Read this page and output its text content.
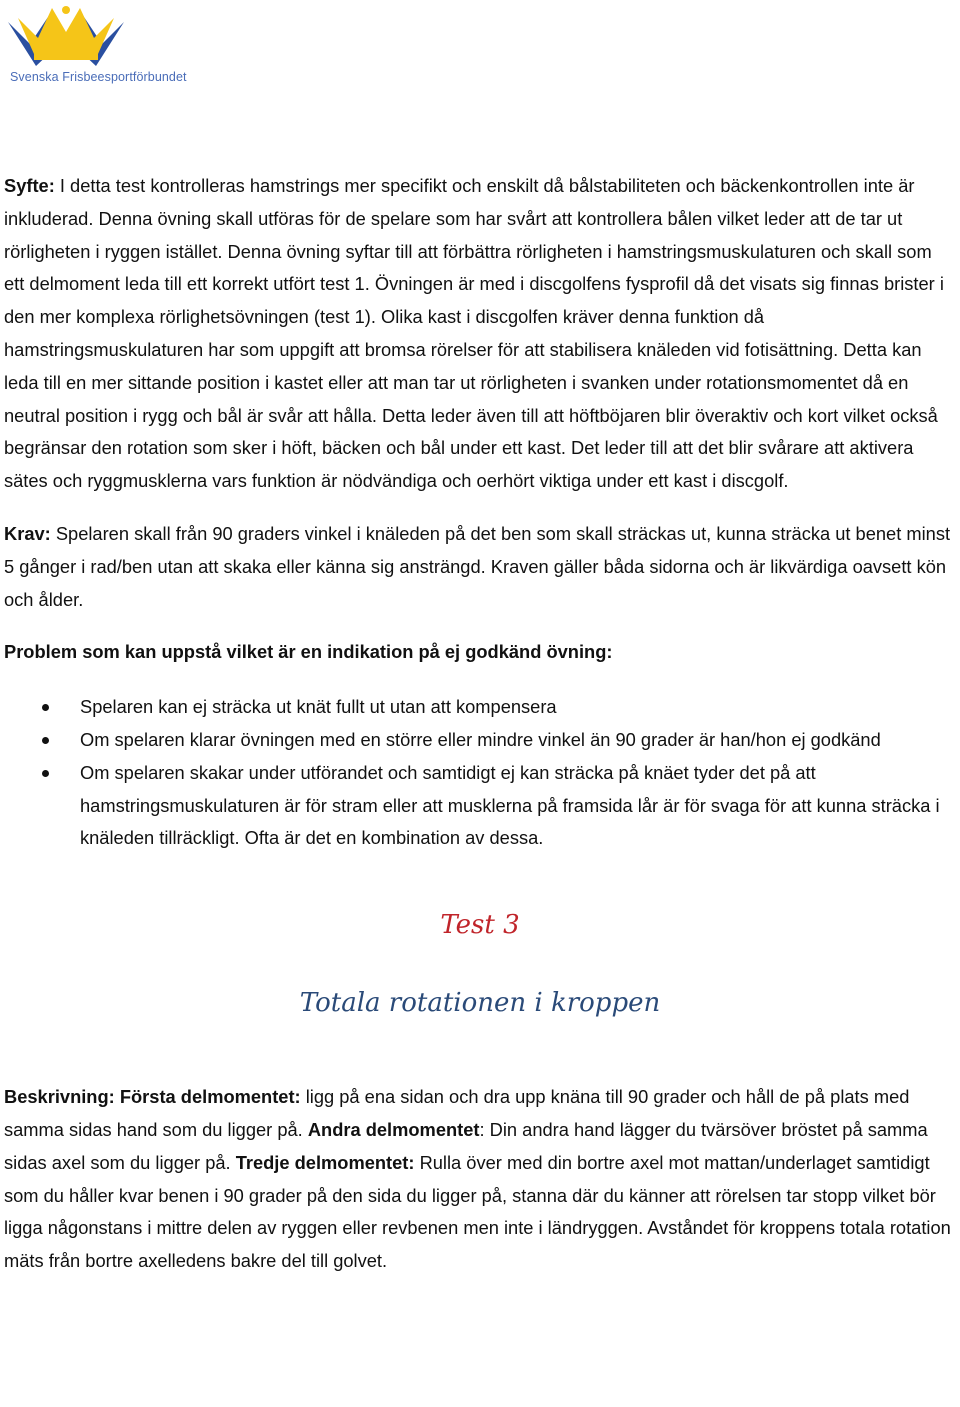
Svenska Frisbeesportförbundet

Syfte: I detta test kontrolleras hamstrings mer specifikt och enskilt då bålstabiliteten och bäckenkontrollen inte är inkluderad. Denna övning skall utföras för de spelare som har svårt att kontrollera bålen vilket leder att de tar ut rörligheten i ryggen istället. Denna övning syftar till att förbättra rörligheten i hamstringsmuskulaturen och skall som ett delmoment leda till ett korrekt utfört test 1. Övningen är med i discgolfens fysprofil då det visats sig finnas brister i den mer komplexa rörlighetsövningen (test 1). Olika kast i discgolfen kräver denna funktion då hamstringsmuskulaturen har som uppgift att bromsa rörelser för att stabilisera knäleden vid fotisättning. Detta kan leda till en mer sittande position i kastet eller att man tar ut rörligheten i svanken under rotationsmomentet då en neutral position i rygg och bål är svår att hålla. Detta leder även till att höftböjaren blir överaktiv och kort vilket också begränsar den rotation som sker i höft, bäcken och bål under ett kast. Det leder till att det blir svårare att aktivera sätes och ryggmusklerna vars funktion är nödvändiga och oerhört viktiga under ett kast i discgolf.

Krav: Spelaren skall från 90 graders vinkel i knäleden på det ben som skall sträckas ut, kunna sträcka ut benet minst 5 gånger i rad/ben utan att skaka eller känna sig ansträngd. Kraven gäller båda sidorna och är likvärdiga oavsett kön och ålder.

Problem som kan uppstå vilket är en indikation på ej godkänd övning:

Spelaren kan ej sträcka ut knät fullt ut utan att kompensera
Om spelaren klarar övningen med en större eller mindre vinkel än 90 grader är han/hon ej godkänd
Om spelaren skakar under utförandet och samtidigt ej kan sträcka på knäet tyder det på att hamstringsmuskulaturen är för stram eller att musklerna på framsida lår är för svaga för att kunna sträcka i knäleden tillräckligt. Ofta är det en kombination av dessa.
Test 3
Totala rotationen i kroppen

Beskrivning: Första delmomentet: ligg på ena sidan och dra upp knäna till 90 grader och håll de på plats med samma sidas hand som du ligger på. Andra delmomentet: Din andra hand lägger du tvärsöver bröstet på samma sidas axel som du ligger på. Tredje delmomentet: Rulla över med din bortre axel mot mattan/underlaget samtidigt som du håller kvar benen i 90 grader på den sida du ligger på, stanna där du känner att rörelsen tar stopp vilket bör ligga någonstans i mittre delen av ryggen eller revbenen men inte i ländryggen. Avståndet för kroppens totala rotation mäts från bortre axelledens bakre del till golvet.
